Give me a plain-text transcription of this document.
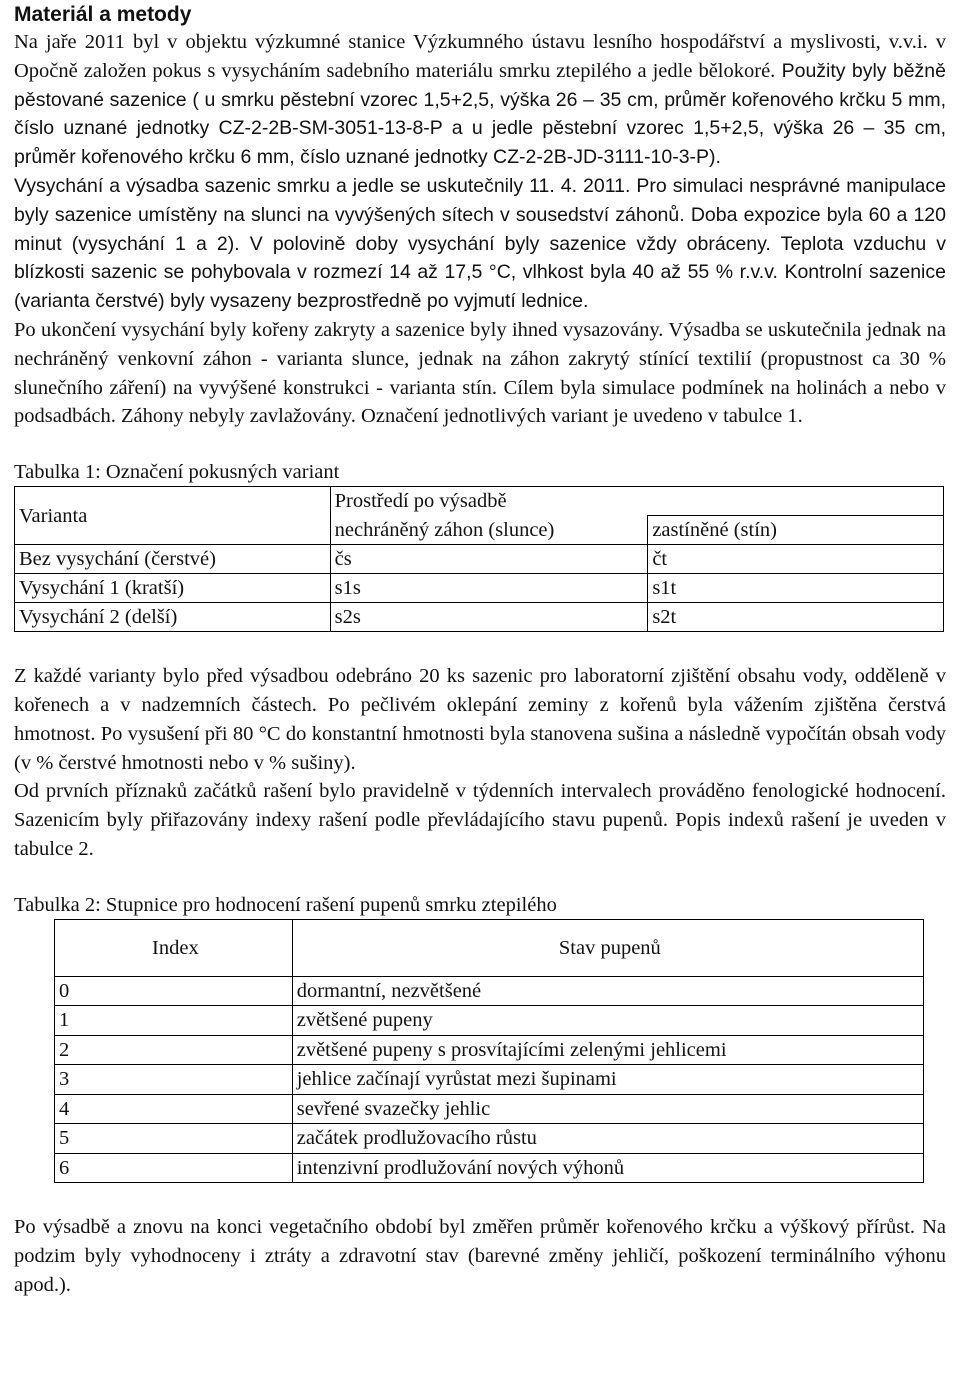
Materiál a metody

Na jaře 2011 byl v objektu výzkumné stanice Výzkumného ústavu lesního hospodářství a myslivosti, v.v.i. v Opočně založen pokus s vysycháním sadebního materiálu smrku ztepilého a jedle bělokoré. Použity byly běžně pěstované sazenice ( u smrku pěstební vzorec 1,5+2,5, výška 26 – 35 cm, průměr kořenového krčku 5 mm, číslo uznané jednotky CZ-2-2B-SM-3051-13-8-P a u jedle pěstební vzorec 1,5+2,5, výška 26 – 35 cm, průměr kořenového krčku 6 mm, číslo uznané jednotky CZ-2-2B-JD-3111-10-3-P).

Vysychání a výsadba sazenic smrku a jedle se uskutečnily 11. 4. 2011. Pro simulaci nesprávné manipulace byly sazenice umístěny na slunci na vyvýšených sítech v sousedství záhonů. Doba expozice byla 60 a 120 minut (vysychání 1 a 2). V polovině doby vysychání byly sazenice vždy obráceny. Teplota vzduchu v blízkosti sazenic se pohybovala v rozmezí 14 až 17,5 °C, vlhkost byla 40 až 55 % r.v.v. Kontrolní sazenice (varianta čerstvé) byly vysazeny bezprostředně po vyjmutí lednice.

Po ukončení vysychání byly kořeny zakryty a sazenice byly ihned vysazovány. Výsadba se uskutečnila jednak na nechráněný venkovní záhon - varianta slunce, jednak na záhon zakrytý stínící textilií (propustnost ca 30 % slunečního záření) na vyvýšené konstrukci - varianta stín. Cílem byla simulace podmínek na holinách a nebo v podsadbách. Záhony nebyly zavlažovány. Označení jednotlivých variant je uvedeno v tabulce 1.

Tabulka 1: Označení pokusných variant

Varianta	Prostředí po výsadbě	
	nechráněný záhon (slunce)	zastíněné (stín)
Bez vysychání (čerstvé)	čs	čt
Vysychání 1 (kratší)	s1s	s1t
Vysychání 2 (delší)	s2s	s2t

Z každé varianty bylo před výsadbou odebráno 20 ks sazenic pro laboratorní zjištění obsahu vody, odděleně v kořenech a v nadzemních částech. Po pečlivém oklepání zeminy z kořenů byla vážením zjištěna čerstvá hmotnost. Po vysušení při 80 °C do konstantní hmotnosti byla stanovena sušina a následně vypočítán obsah vody (v % čerstvé hmotnosti nebo v % sušiny).

Od prvních příznaků začátků rašení bylo pravidelně v týdenních intervalech prováděno fenologické hodnocení. Sazenicím byly přiřazovány indexy rašení podle převládajícího stavu pupenů. Popis indexů rašení je uveden v tabulce 2.

Tabulka 2: Stupnice pro hodnocení rašení pupenů smrku ztepilého

Index	Stav pupenů
0	dormantní, nezvětšené
1	zvětšené pupeny
2	zvětšené pupeny s prosvítajícími zelenými jehlicemi
3	jehlice začínají vyrůstat mezi šupinami
4	sevřené svazečky jehlic
5	začátek prodlužovacího růstu
6	intenzivní prodlužování nových výhonů

Po výsadbě a znovu na konci vegetačního období byl změřen průměr kořenového krčku a výškový přírůst. Na podzim byly vyhodnoceny i ztráty a zdravotní stav (barevné změny jehličí, poškození terminálního výhonu apod.).
